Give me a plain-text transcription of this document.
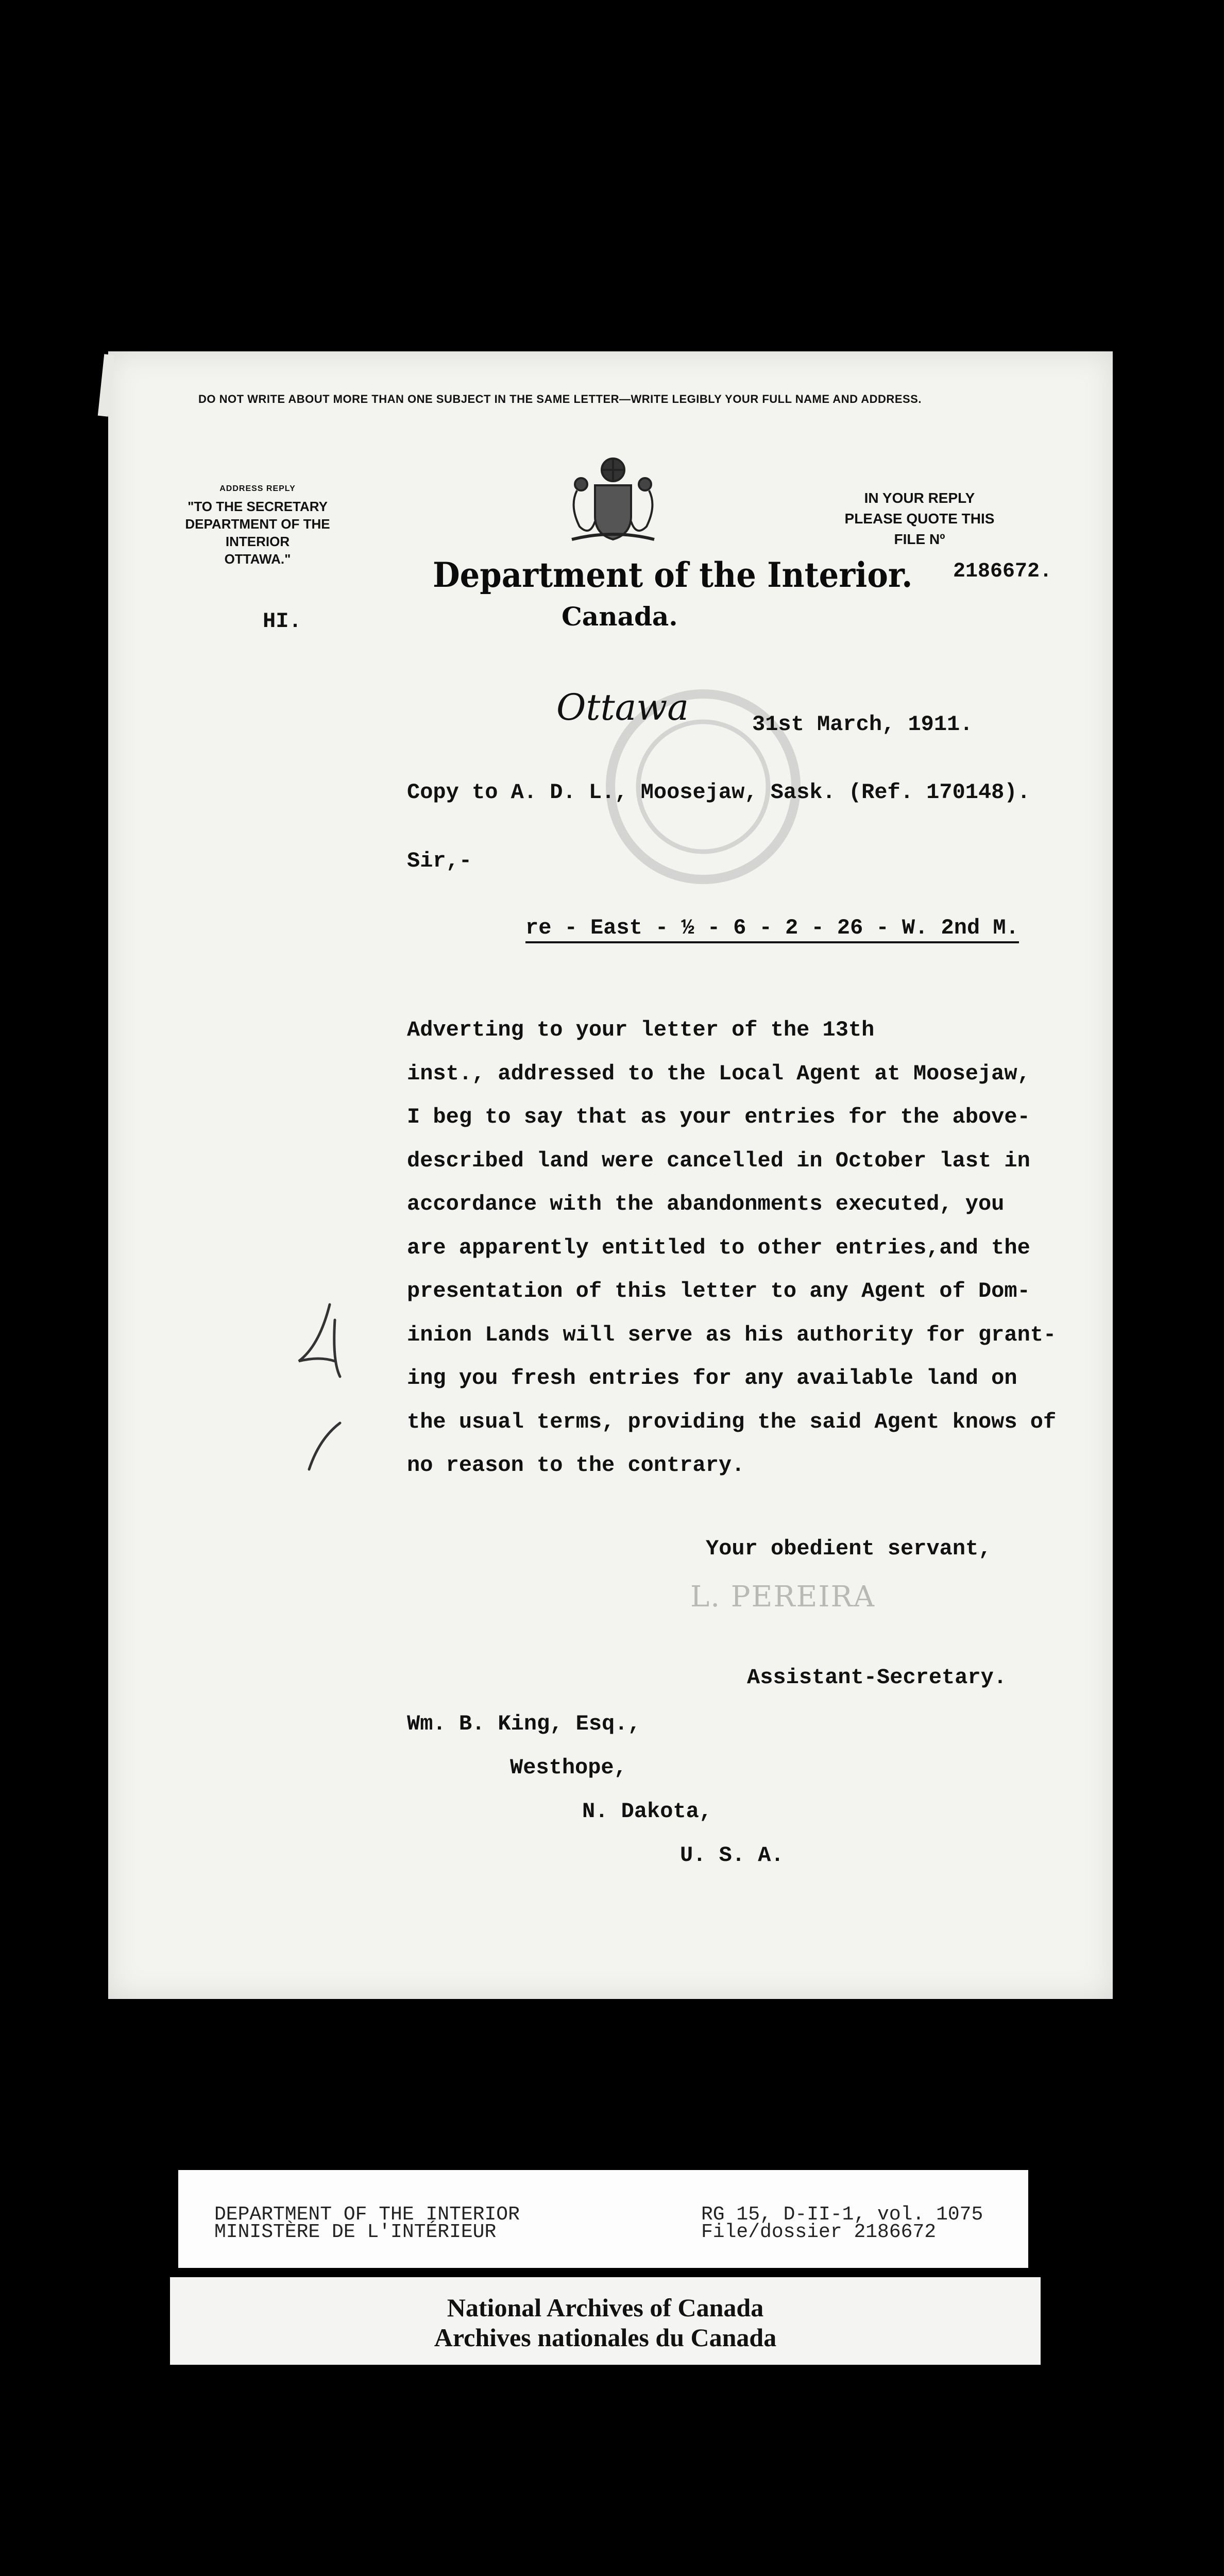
DO NOT WRITE ABOUT MORE THAN ONE SUBJECT IN THE SAME LETTER—WRITE LEGIBLY YOUR FULL NAME AND ADDRESS.
ADDRESS REPLY
"TO THE SECRETARY
DEPARTMENT OF THE INTERIOR
OTTAWA."
IN YOUR REPLY
PLEASE QUOTE THIS
FILE Nº
2186672.
Department of the Interior.
Canada.
HI.
Ottawa	31st March, 1911.
Copy to A. D. L., Moosejaw, Sask. (Ref. 170148).
Sir,-
re - East - ½ - 6 - 2 - 26 - W. 2nd M.
Adverting to your letter of the 13th
inst., addressed to the Local Agent at Moosejaw,
I beg to say that as your entries for the above-
described land were cancelled in October last in
accordance with the abandonments executed, you
are apparently entitled to other entries,and the
presentation of this letter to any Agent of Dom-
inion Lands will serve as his authority for grant-
ing you fresh entries for any available land on
the usual terms, providing the said Agent knows of
no reason to the contrary.
Your obedient servant,
L. PEREIRA
Assistant-Secretary.
Wm. B. King, Esq.,
Westhope,
N. Dakota,
U. S. A.
DEPARTMENT OF THE INTERIOR
MINISTÈRE DE L'INTÉRIEUR
RG 15, D-II-1, vol. 1075
File/dossier 2186672
National Archives of Canada
Archives nationales du Canada
